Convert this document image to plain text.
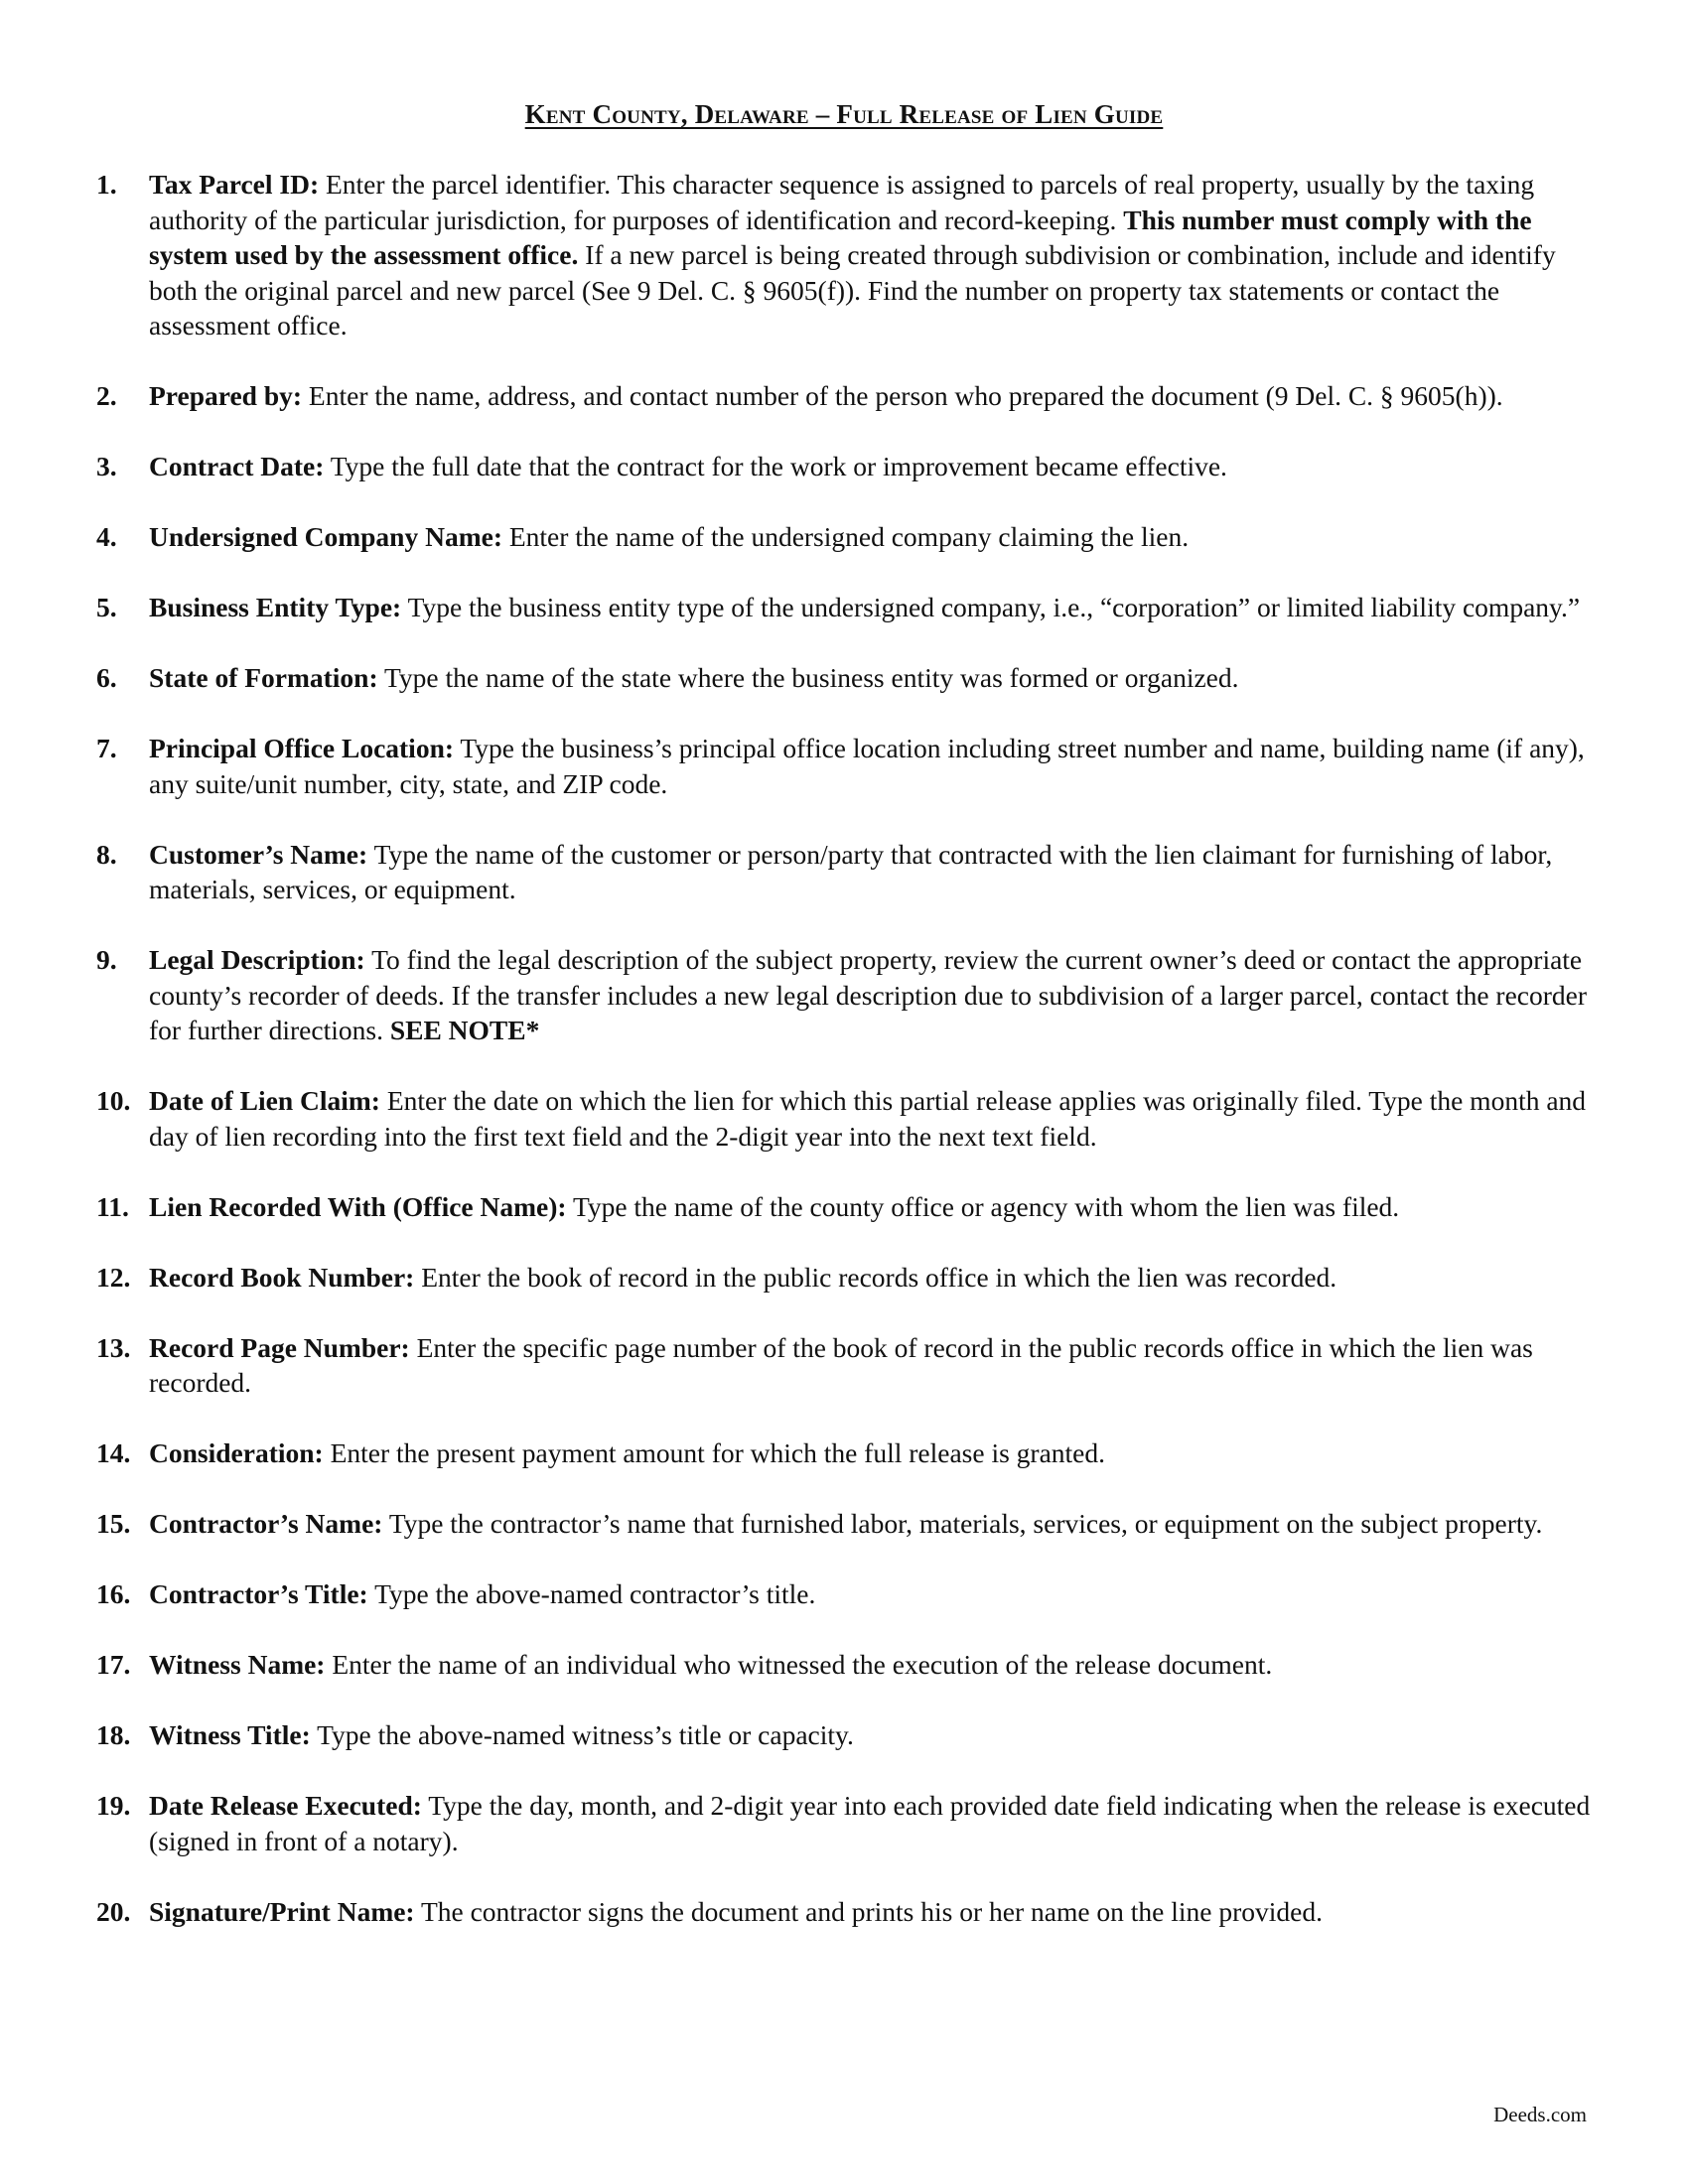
Kent County, Delaware – Full Release of Lien Guide
1. Tax Parcel ID: Enter the parcel identifier. This character sequence is assigned to parcels of real property, usually by the taxing authority of the particular jurisdiction, for purposes of identification and record-keeping. This number must comply with the system used by the assessment office. If a new parcel is being created through subdivision or combination, include and identify both the original parcel and new parcel (See 9 Del. C. § 9605(f)). Find the number on property tax statements or contact the assessment office.
2. Prepared by: Enter the name, address, and contact number of the person who prepared the document (9 Del. C. § 9605(h)).
3. Contract Date: Type the full date that the contract for the work or improvement became effective.
4. Undersigned Company Name: Enter the name of the undersigned company claiming the lien.
5. Business Entity Type: Type the business entity type of the undersigned company, i.e., “corporation” or limited liability company.”
6. State of Formation: Type the name of the state where the business entity was formed or organized.
7. Principal Office Location: Type the business’s principal office location including street number and name, building name (if any), any suite/unit number, city, state, and ZIP code.
8. Customer’s Name: Type the name of the customer or person/party that contracted with the lien claimant for furnishing of labor, materials, services, or equipment.
9. Legal Description: To find the legal description of the subject property, review the current owner’s deed or contact the appropriate county’s recorder of deeds. If the transfer includes a new legal description due to subdivision of a larger parcel, contact the recorder for further directions. SEE NOTE*
10. Date of Lien Claim: Enter the date on which the lien for which this partial release applies was originally filed. Type the month and day of lien recording into the first text field and the 2-digit year into the next text field.
11. Lien Recorded With (Office Name): Type the name of the county office or agency with whom the lien was filed.
12. Record Book Number: Enter the book of record in the public records office in which the lien was recorded.
13. Record Page Number: Enter the specific page number of the book of record in the public records office in which the lien was recorded.
14. Consideration: Enter the present payment amount for which the full release is granted.
15. Contractor’s Name: Type the contractor’s name that furnished labor, materials, services, or equipment on the subject property.
16. Contractor’s Title: Type the above-named contractor’s title.
17. Witness Name: Enter the name of an individual who witnessed the execution of the release document.
18. Witness Title: Type the above-named witness’s title or capacity.
19. Date Release Executed: Type the day, month, and 2-digit year into each provided date field indicating when the release is executed (signed in front of a notary).
20. Signature/Print Name: The contractor signs the document and prints his or her name on the line provided.
Deeds.com
